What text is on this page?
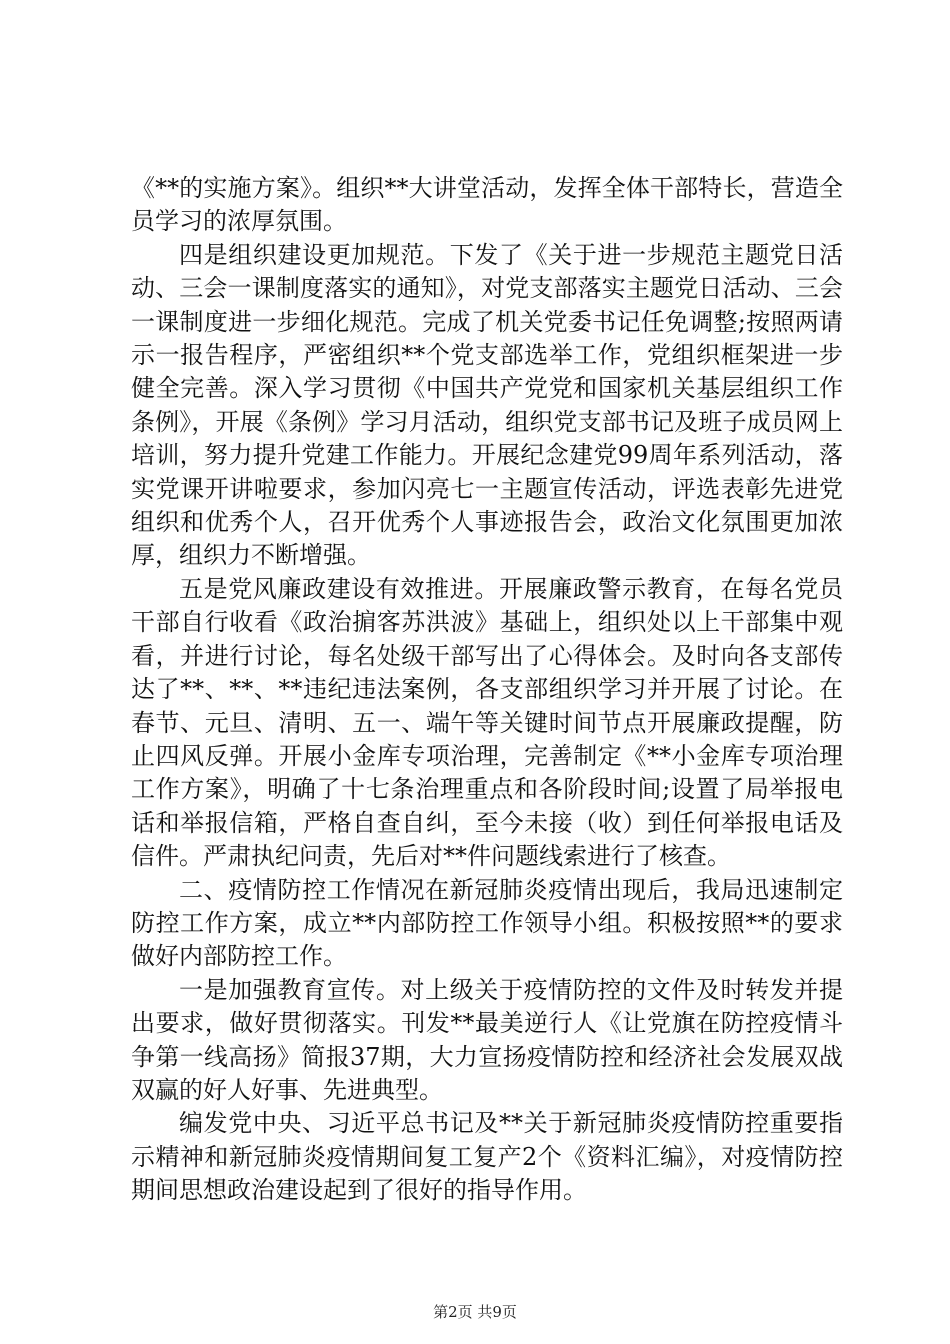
《**的实施方案》。组织**大讲堂活动，发挥全体干部特长，营造全员学习的浓厚氛围。

四是组织建设更加规范。下发了《关于进一步规范主题党日活动、三会一课制度落实的通知》，对党支部落实主题党日活动、三会一课制度进一步细化规范。完成了机关党委书记任免调整;按照两请示一报告程序，严密组织**个党支部选举工作，党组织框架进一步健全完善。深入学习贯彻《中国共产党党和国家机关基层组织工作条例》，开展《条例》学习月活动，组织党支部书记及班子成员网上培训，努力提升党建工作能力。开展纪念建党99周年系列活动，落实党课开讲啦要求，参加闪亮七一主题宣传活动，评选表彰先进党组织和优秀个人，召开优秀个人事迹报告会，政治文化氛围更加浓厚，组织力不断增强。

五是党风廉政建设有效推进。开展廉政警示教育，在每名党员干部自行收看《政治掮客苏洪波》基础上，组织处以上干部集中观看，并进行讨论，每名处级干部写出了心得体会。及时向各支部传达了**、**、**违纪违法案例，各支部组织学习并开展了讨论。在春节、元旦、清明、五一、端午等关键时间节点开展廉政提醒，防止四风反弹。开展小金库专项治理，完善制定《**小金库专项治理工作方案》，明确了十七条治理重点和各阶段时间;设置了局举报电话和举报信箱，严格自查自纠，至今未接（收）到任何举报电话及信件。严肃执纪问责，先后对**件问题线索进行了核查。

二、疫情防控工作情况在新冠肺炎疫情出现后，我局迅速制定防控工作方案，成立**内部防控工作领导小组。积极按照**的要求做好内部防控工作。

一是加强教育宣传。对上级关于疫情防控的文件及时转发并提出要求，做好贯彻落实。刊发**最美逆行人《让党旗在防控疫情斗争第一线高扬》简报37期，大力宣扬疫情防控和经济社会发展双战双赢的好人好事、先进典型。

编发党中央、习近平总书记及**关于新冠肺炎疫情防控重要指示精神和新冠肺炎疫情期间复工复产2个《资料汇编》，对疫情防控期间思想政治建设起到了很好的指导作用。

第2页 共9页
